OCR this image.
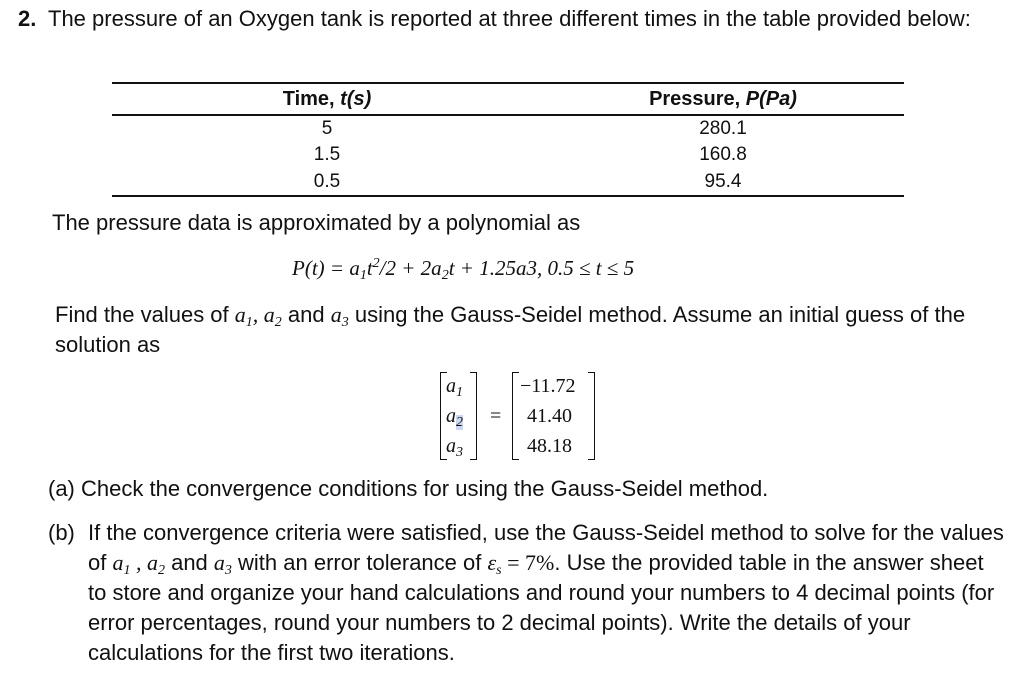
2. The pressure of an Oxygen tank is reported at three different times in the table provided below:
Time, t(s)	Pressure, P(Pa)
5	280.1
1.5	160.8
0.5	95.4
The pressure data is approximated by a polynomial as
$P(t) = a_1t^2/2 + 2a_2t + 1.25a3$, 0.5 ≤ t ≤ 5
Find the values of $a_1$, $a_2$ and $a_3$ using the Gauss-Seidel method. Assume an initial guess of the solution as
$a_1$
$a_2$
$a_3$
=
−11.72
41.40
48.18
(a) Check the convergence conditions for using the Gauss-Seidel method.
(b) If the convergence criteria were satisfied, use the Gauss-Seidel method to solve for the values of $a_1$ , $a_2$ and $a_3$ with an error tolerance of $\varepsilon_s = 7\%$. Use the provided table in the answer sheet to store and organize your hand calculations and round your numbers to 4 decimal points (for error percentages, round your numbers to 2 decimal points). Write the details of your calculations for the first two iterations.
